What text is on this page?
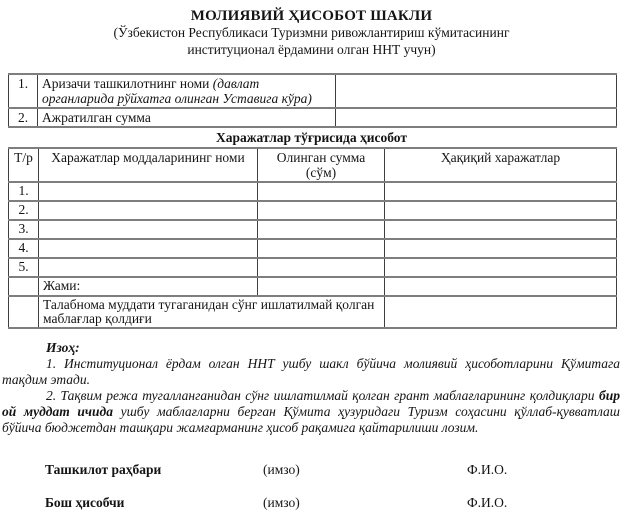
МОЛИЯВИЙ ҲИСОБОТ ШАКЛИ
(Ўзбекистон Республикаси Туризмни ривожлантириш кўмитасининг
институционал ёрдамини олган ННТ учун)
1.	Аризачи ташкилотнинг номи (давлат органларида рўйхатга олинган Уставига кўра)	
2.	Ажратилган сумма	
Харажатлар тўғрисида ҳисобот
Т/р	Харажатлар моддаларининг номи	Олинган сумма (сўм)	Ҳақиқий харажатлар
1.			
2.			
3.			
4.			
5.			
	Жами:		
	Талабнома муддати тугаганидан сўнг ишлатилмай қолган маблағлар қолдиғи		

Изоҳ:

1. Институционал ёрдам олган ННТ ушбу шакл бўйича молиявий ҳисоботларини Қўмитага тақдим этади.

2. Тақвим режа тугалланганидан сўнг ишлатилмай қолган грант маблағларининг қолдиқлари бир ой муддат ичида ушбу маблағларни берган Қўмита ҳузуридаги Туризм соҳасини қўллаб-қувватлаш бўйича бюджетдан ташқари жамғарманинг ҳисоб рақамига қайтарилиши лозим.

Ташкилот раҳбари	(имзо)	Ф.И.О.
Бош ҳисобчи	(имзо)	Ф.И.О.
